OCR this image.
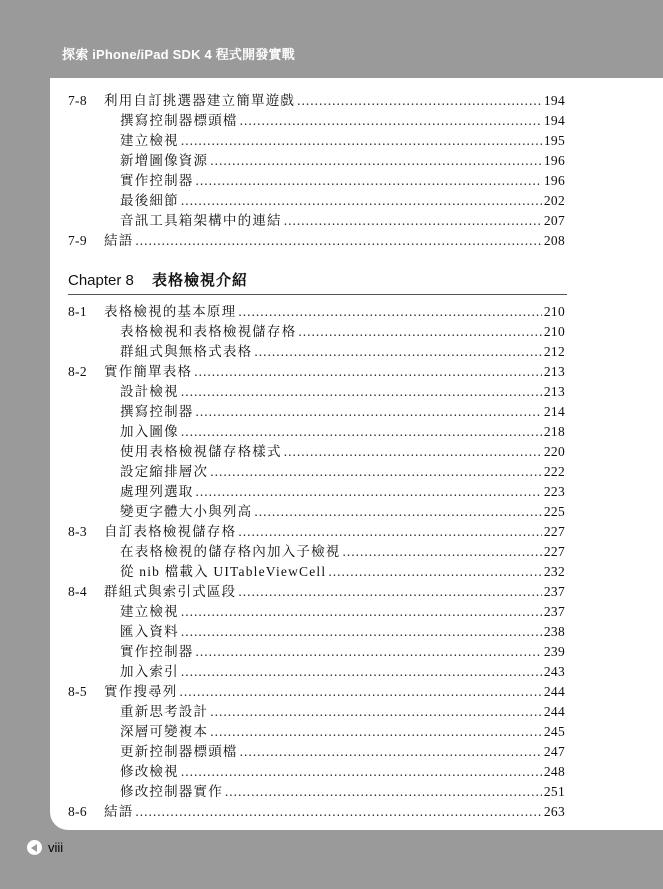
探索 iPhone/iPad SDK 4 程式開發實戰
7-8	利用自訂挑選器建立簡單遊戲 .....	194
撰寫控制器標頭檔 .....	194
建立檢視 .....	195
新增圖像資源 .....	196
實作控制器 .....	196
最後細節 .....	202
音訊工具箱架構中的連結 .....	207
7-9	結語 .....	208
Chapter 8 表格檢視介紹
8-1	表格檢視的基本原理 .....	210
表格檢視和表格檢視儲存格 .....	210
群組式與無格式表格 .....	212
8-2	實作簡單表格 .....	213
設計檢視 .....	213
撰寫控制器 .....	214
加入圖像 .....	218
使用表格檢視儲存格樣式 .....	220
設定縮排層次 .....	222
處理列選取 .....	223
變更字體大小與列高 .....	225
8-3	自訂表格檢視儲存格 .....	227
在表格檢視的儲存格內加入子檢視 .....	227
從 nib 檔載入 UITableViewCell .....	232
8-4	群組式與索引式區段 .....	237
建立檢視 .....	237
匯入資料 .....	238
實作控制器 .....	239
加入索引 .....	243
8-5	實作搜尋列 .....	244
重新思考設計 .....	244
深層可變複本 .....	245
更新控制器標頭檔 .....	247
修改檢視 .....	248
修改控制器實作 .....	251
8-6	結語 .....	263
viii
